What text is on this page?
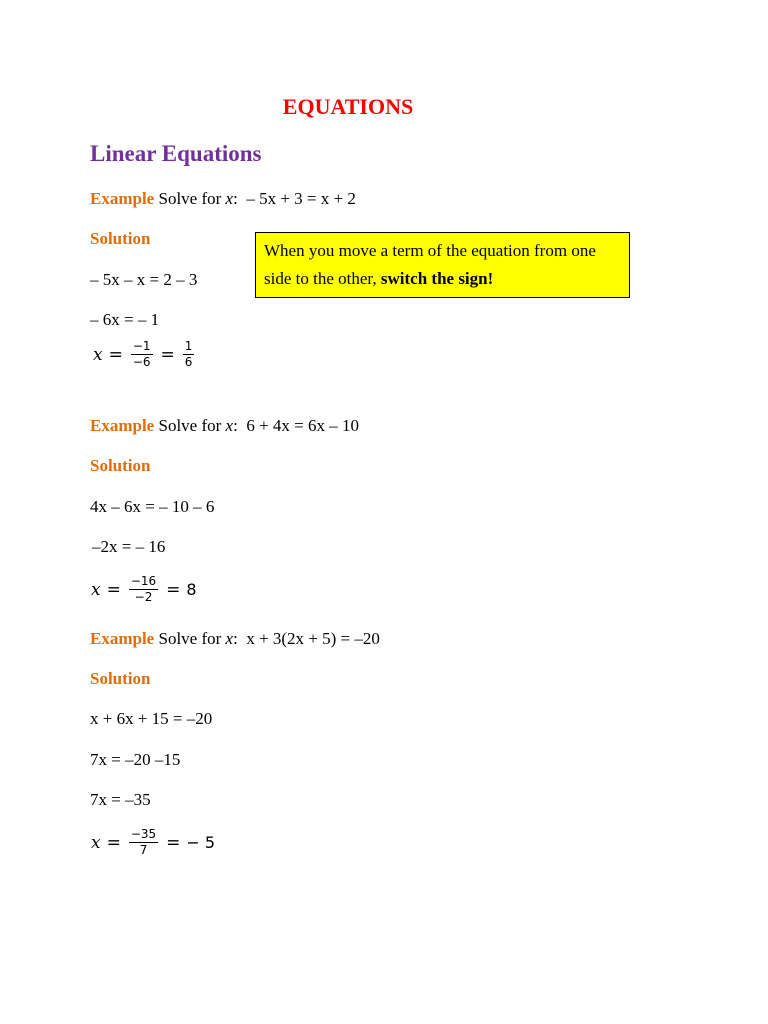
EQUATIONS
Linear Equations
Example Solve for x:  – 5x + 3 = x + 2
Solution
When you move a term of the equation from one side to the other, switch the sign!
– 5x – x = 2 – 3
– 6x = – 1
$x = \frac{-1}{-6} = \frac{1}{6}$
Example Solve for x:  6 + 4x = 6x – 10
Solution
4x – 6x = – 10 – 6
–2x = – 16
$x = \frac{-16}{-2} = 8$
Example Solve for x:  x + 3(2x + 5) = –20
Solution
x + 6x + 15 = –20
7x = –20 –15
7x = –35
$x = \frac{-35}{7}$ = − 5
